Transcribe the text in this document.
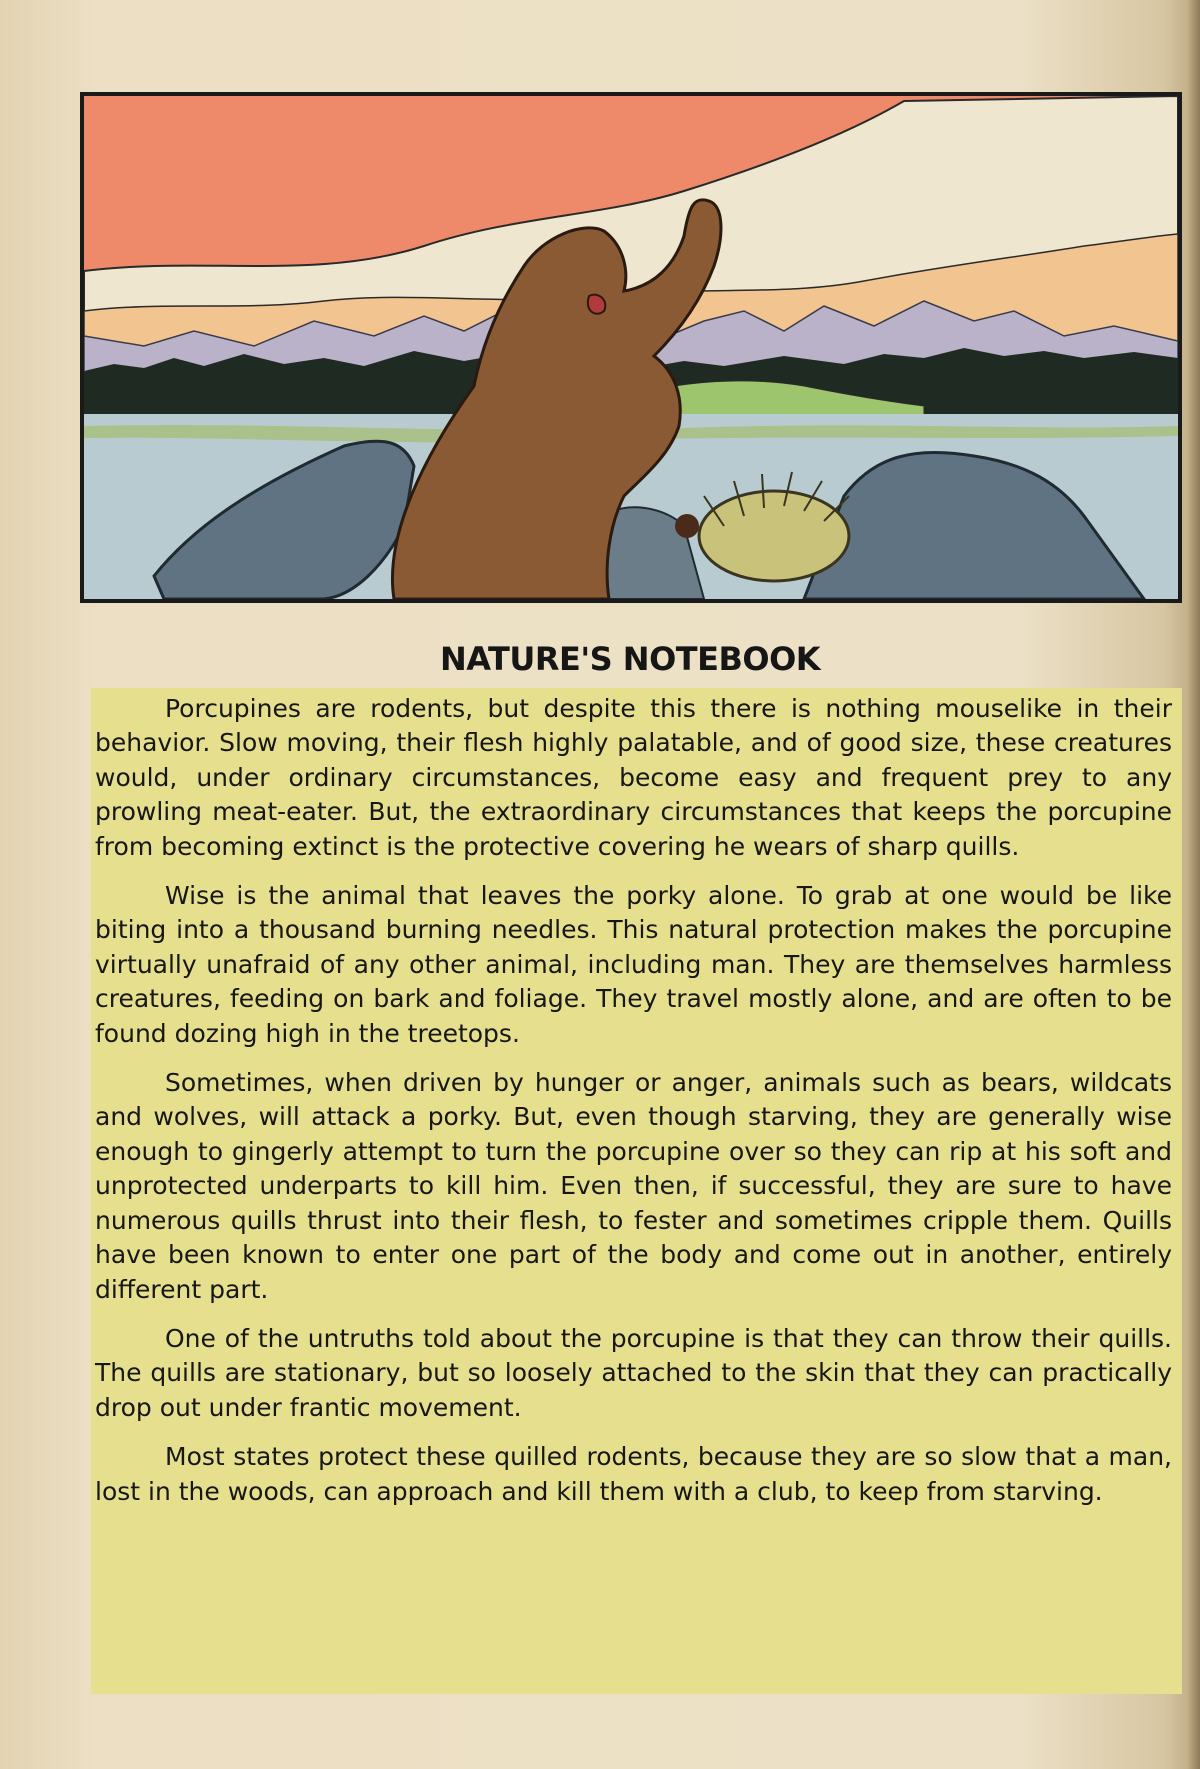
NATURE'S NOTEBOOK

Porcupines are rodents, but despite this there is nothing mouselike in their behavior. Slow moving, their flesh highly palatable, and of good size, these creatures would, under ordinary circumstances, become easy and frequent prey to any prowling meat-eater. But, the extraordinary circumstances that keeps the porcupine from becoming extinct is the protective covering he wears of sharp quills.

Wise is the animal that leaves the porky alone. To grab at one would be like biting into a thousand burning needles. This natural protection makes the porcupine virtually unafraid of any other animal, including man. They are themselves harmless creatures, feeding on bark and foliage. They travel mostly alone, and are often to be found dozing high in the treetops.

Sometimes, when driven by hunger or anger, animals such as bears, wildcats and wolves, will attack a porky. But, even though starving, they are generally wise enough to gingerly attempt to turn the porcupine over so they can rip at his soft and unprotected underparts to kill him. Even then, if successful, they are sure to have numerous quills thrust into their flesh, to fester and sometimes cripple them. Quills have been known to enter one part of the body and come out in another, entirely different part.

One of the untruths told about the porcupine is that they can throw their quills. The quills are stationary, but so loosely attached to the skin that they can practically drop out under frantic movement.

Most states protect these quilled rodents, because they are so slow that a man, lost in the woods, can approach and kill them with a club, to keep from starving.
